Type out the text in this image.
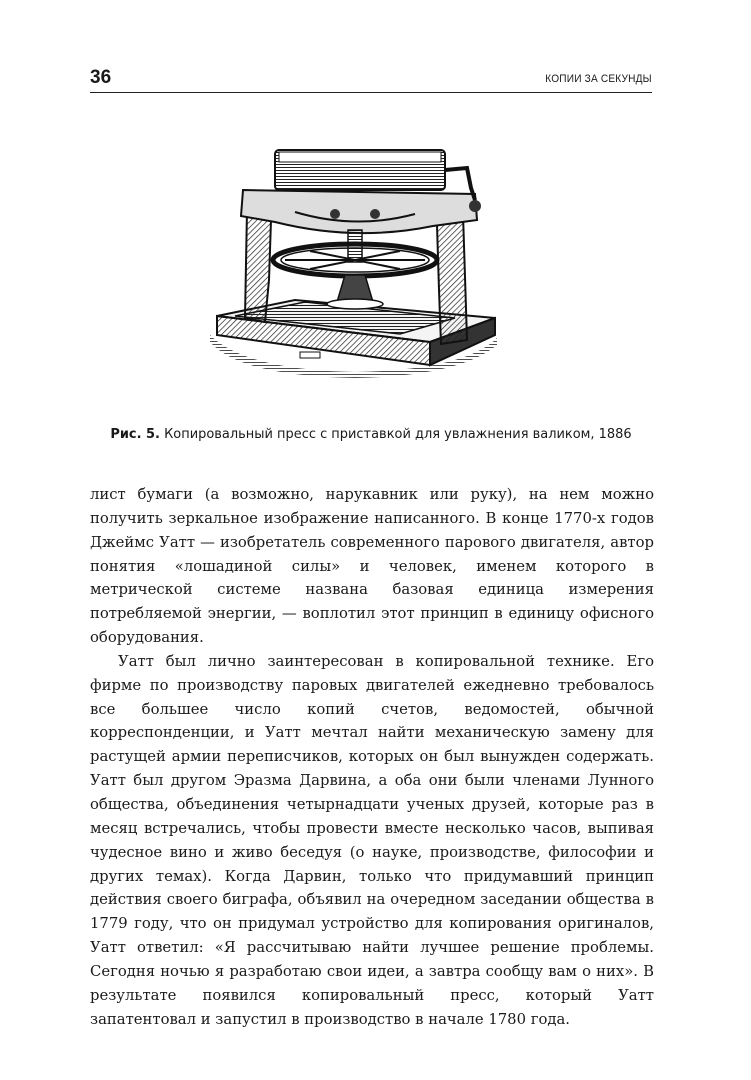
36	КОПИИ ЗА СЕКУНДЫ
Рис. 5. Копировальный пресс с приставкой для увлажнения валиком, 1886

лист бумаги (а возможно, нарукавник или руку), на нем можно получить зеркальное изображение написанного. В конце 1770-х годов Джеймс Уатт — изобретатель современного парового двигателя, автор понятия «лошадиной силы» и человек, именем которого в метрической системе названа базовая единица измерения потребляемой энергии, — воплотил этот принцип в единицу офисного оборудования.

Уатт был лично заинтересован в копировальной технике. Его фирме по производству паровых двигателей ежедневно требовалось все большее число копий счетов, ведомостей, обычной корреспонденции, и Уатт мечтал найти механическую замену для растущей армии переписчиков, которых он был вынужден содержать. Уатт был другом Эразма Дарвина, а оба они были членами Лунного общества, объединения четырнадцати ученых друзей, которые раз в месяц встречались, чтобы провести вместе несколько часов, выпивая чудесное вино и живо беседуя (о науке, производстве, философии и других темах). Когда Дарвин, только что придумавший принцип действия своего биграфа, объявил на очередном заседании общества в 1779 году, что он придумал устройство для копирования оригиналов, Уатт ответил: «Я рассчитываю найти лучшее решение проблемы. Сегодня ночью я разработаю свои идеи, а завтра сообщу вам о них». В результате появился копировальный пресс, который Уатт запатентовал и запустил в производство в начале 1780 года.
